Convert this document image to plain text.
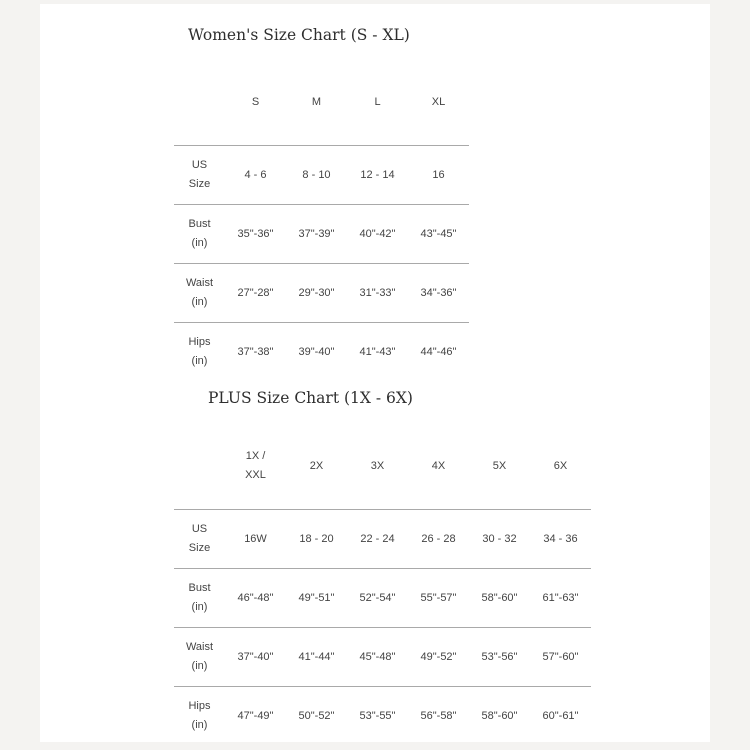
Women's Size Chart (S - XL)
	S	M	L	XL
US
Size	4 - 6	8 - 10	12 - 14	16
Bust
(in)	35"-36"	37"-39"	40"-42"	43"-45"
Waist
(in)	27"-28"	29"-30"	31"-33"	34"-36"
Hips
(in)	37"-38"	39"-40"	41"-43"	44"-46"
PLUS Size Chart (1X - 6X)
	1X /
XXL	2X	3X	4X	5X	6X
US
Size	16W	18 - 20	22 - 24	26 - 28	30 - 32	34 - 36
Bust
(in)	46"-48"	49"-51"	52"-54"	55"-57"	58"-60"	61"-63"
Waist
(in)	37"-40"	41"-44"	45"-48"	49"-52"	53"-56"	57"-60"
Hips
(in)	47"-49"	50"-52"	53"-55"	56"-58"	58"-60"	60"-61"
